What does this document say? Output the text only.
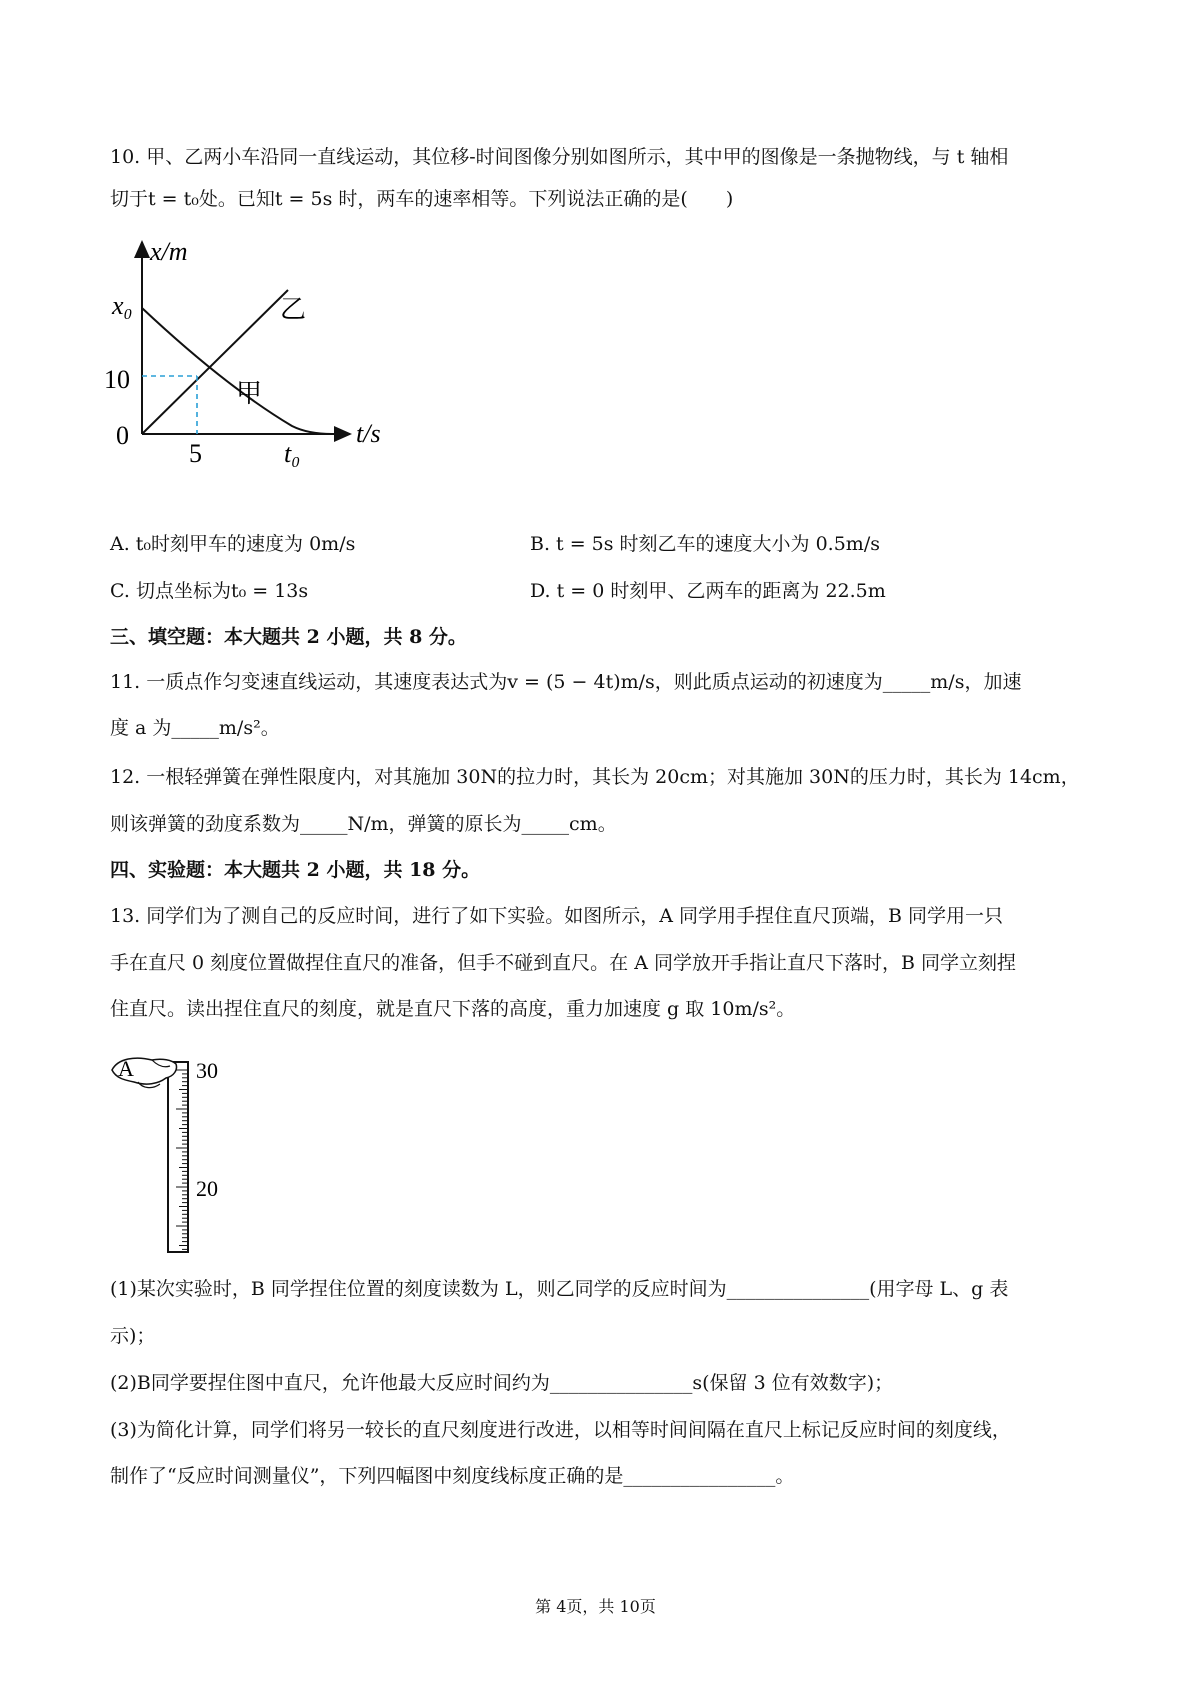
10. 甲、乙两小车沿同一直线运动，其位移-时间图像分别如图所示，其中甲的图像是一条抛物线，与 t 轴相
切于t = t₀处。已知t = 5s 时，两车的速率相等。下列说法正确的是(　　)
x/m
t/s
x₀
10
0
5	t₀
甲
乙
A. t₀时刻甲车的速度为 0m/s	B. t = 5s 时刻乙车的速度大小为 0.5m/s
C. 切点坐标为t₀ = 13s	D. t = 0 时刻甲、乙两车的距离为 22.5m
三、填空题：本大题共 2 小题，共 8 分。
11. 一质点作匀变速直线运动，其速度表达式为v = (5 − 4t)m/s，则此质点运动的初速度为_____m/s，加速
度 a 为_____m/s²。
12. 一根轻弹簧在弹性限度内，对其施加 30N的拉力时，其长为 20cm；对其施加 30N的压力时，其长为 14cm，
则该弹簧的劲度系数为_____N/m，弹簧的原长为_____cm。
四、实验题：本大题共 2 小题，共 18 分。
13. 同学们为了测自己的反应时间，进行了如下实验。如图所示，A 同学用手捏住直尺顶端，B 同学用一只
手在直尺 0 刻度位置做捏住直尺的准备，但手不碰到直尺。在 A 同学放开手指让直尺下落时，B 同学立刻捏
住直尺。读出捏住直尺的刻度，就是直尺下落的高度，重力加速度 g 取 10m/s²。
A	30
20
(1)某次实验时，B 同学捏住位置的刻度读数为 L，则乙同学的反应时间为_______________(用字母 L、g 表
示)；
(2)B同学要捏住图中直尺，允许他最大反应时间约为_______________s(保留 3 位有效数字)；
(3)为简化计算，同学们将另一较长的直尺刻度进行改进，以相等时间间隔在直尺上标记反应时间的刻度线，
制作了“反应时间测量仪”，下列四幅图中刻度线标度正确的是________________。
第 4页，共 10页
